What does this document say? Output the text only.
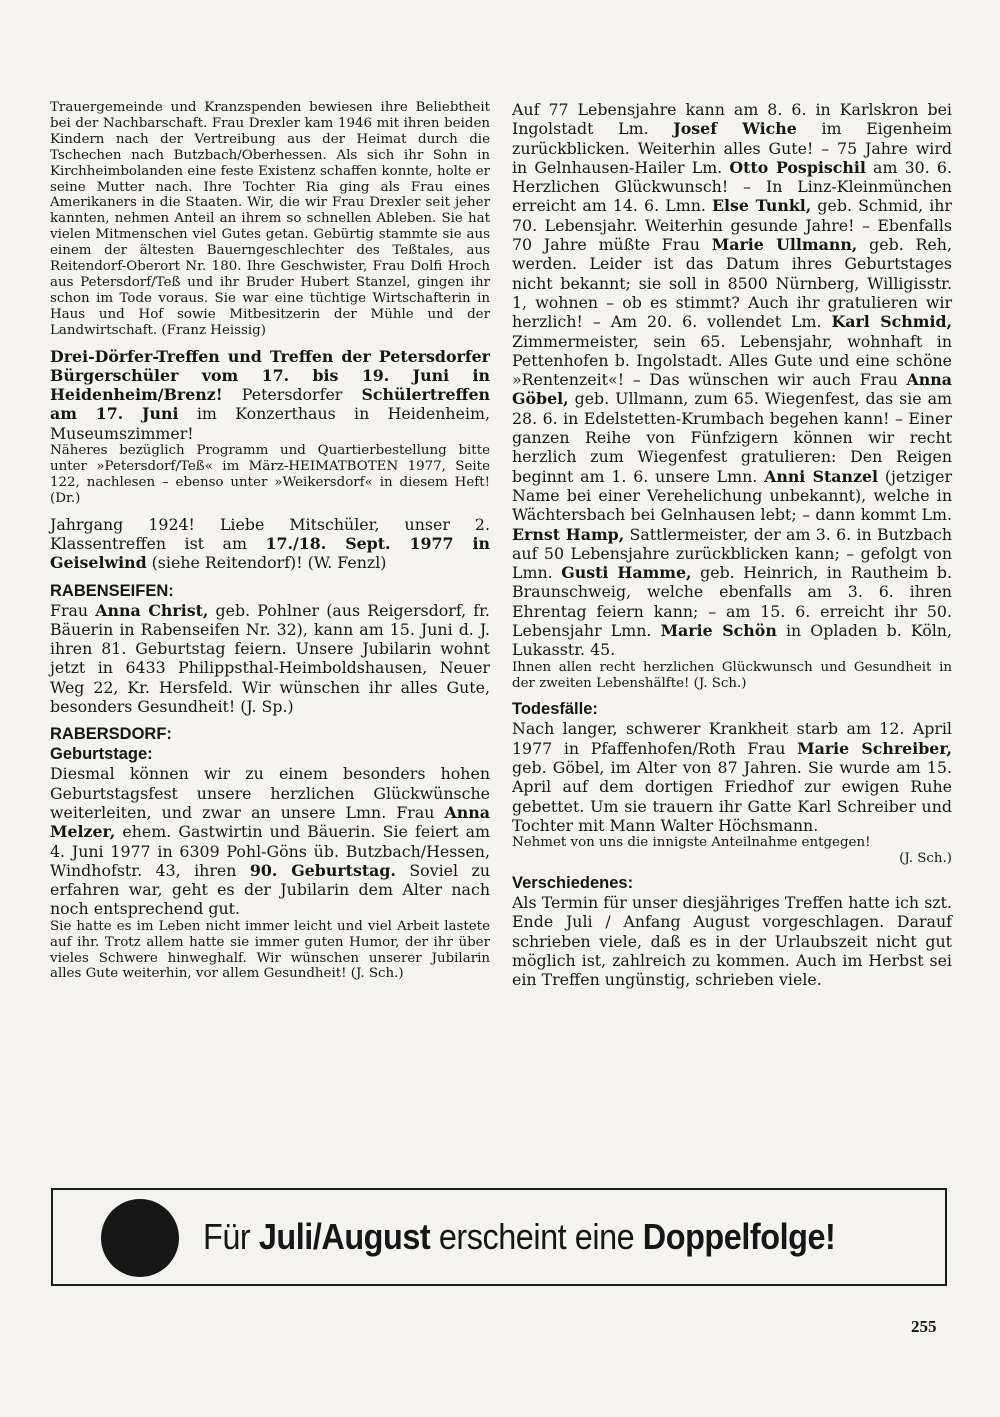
Trauergemeinde und Kranzspenden bewiesen ihre Beliebtheit bei der Nachbarschaft. Frau Drexler kam 1946 mit ihren beiden Kindern nach der Vertreibung aus der Heimat durch die Tschechen nach Butzbach/Oberhessen. Als sich ihr Sohn in Kirchheimbolanden eine feste Existenz schaffen konnte, holte er seine Mutter nach. Ihre Tochter Ria ging als Frau eines Amerikaners in die Staaten. Wir, die wir Frau Drexler seit jeher kannten, nehmen Anteil an ihrem so schnellen Ableben. Sie hat vielen Mitmenschen viel Gutes getan. Gebürtig stammte sie aus einem der ältesten Bauerngeschlechter des Teßtales, aus Reitendorf-Oberort Nr. 180. Ihre Geschwister, Frau Dolfi Hroch aus Petersdorf/Teß und ihr Bruder Hubert Stanzel, gingen ihr schon im Tode voraus. Sie war eine tüchtige Wirtschafterin in Haus und Hof sowie Mitbesitzerin der Mühle und der Landwirtschaft. (Franz Heissig)

Drei-Dörfer-Treffen und Treffen der Petersdorfer Bürgerschüler vom 17. bis 19. Juni in Heidenheim/Brenz! Petersdorfer Schülertreffen am 17. Juni im Konzerthaus in Heidenheim, Museumszimmer!

Näheres bezüglich Programm und Quartierbestellung bitte unter »Petersdorf/Teß« im März-HEIMATBOTEN 1977, Seite 122, nachlesen – ebenso unter »Weikersdorf« in diesem Heft! (Dr.)

Jahrgang 1924! Liebe Mitschüler, unser 2. Klassentreffen ist am 17./18. Sept. 1977 in Geiselwind (siehe Reitendorf)! (W. Fenzl)

RABENSEIFEN:

Frau Anna Christ, geb. Pohlner (aus Reigersdorf, fr. Bäuerin in Rabenseifen Nr. 32), kann am 15. Juni d. J. ihren 81. Geburtstag feiern. Unsere Jubilarin wohnt jetzt in 6433 Philippsthal-Heimboldshausen, Neuer Weg 22, Kr. Hersfeld. Wir wünschen ihr alles Gute, besonders Gesundheit! (J. Sp.)

RABERSDORF:
Geburtstage:

Diesmal können wir zu einem besonders hohen Geburtstagsfest unsere herzlichen Glückwünsche weiterleiten, und zwar an unsere Lmn. Frau Anna Melzer, ehem. Gastwirtin und Bäuerin. Sie feiert am 4. Juni 1977 in 6309 Pohl-Göns üb. Butzbach/Hessen, Windhofstr. 43, ihren 90. Geburtstag. Soviel zu erfahren war, geht es der Jubilarin dem Alter nach noch entsprechend gut.

Sie hatte es im Leben nicht immer leicht und viel Arbeit lastete auf ihr. Trotz allem hatte sie immer guten Humor, der ihr über vieles Schwere hinweghalf. Wir wünschen unserer Jubilarin alles Gute weiterhin, vor allem Gesundheit! (J. Sch.)

Auf 77 Lebensjahre kann am 8. 6. in Karlskron bei Ingolstadt Lm. Josef Wiche im Eigenheim zurückblicken. Weiterhin alles Gute! – 75 Jahre wird in Gelnhausen-Hailer Lm. Otto Pospischil am 30. 6. Herzlichen Glückwunsch! – In Linz-Kleinmünchen erreicht am 14. 6. Lmn. Else Tunkl, geb. Schmid, ihr 70. Lebensjahr. Weiterhin gesunde Jahre! – Ebenfalls 70 Jahre müßte Frau Marie Ullmann, geb. Reh, werden. Leider ist das Datum ihres Geburtstages nicht bekannt; sie soll in 8500 Nürnberg, Willigisstr. 1, wohnen – ob es stimmt? Auch ihr gratulieren wir herzlich! – Am 20. 6. vollendet Lm. Karl Schmid, Zimmermeister, sein 65. Lebensjahr, wohnhaft in Pettenhofen b. Ingolstadt. Alles Gute und eine schöne »Rentenzeit«! – Das wünschen wir auch Frau Anna Göbel, geb. Ullmann, zum 65. Wiegenfest, das sie am 28. 6. in Edelstetten-Krumbach begehen kann! – Einer ganzen Reihe von Fünfzigern können wir recht herzlich zum Wiegenfest gratulieren: Den Reigen beginnt am 1. 6. unsere Lmn. Anni Stanzel (jetziger Name bei einer Verehelichung unbekannt), welche in Wächtersbach bei Gelnhausen lebt; – dann kommt Lm. Ernst Hamp, Sattlermeister, der am 3. 6. in Butzbach auf 50 Lebensjahre zurückblicken kann; – gefolgt von Lmn. Gusti Hamme, geb. Heinrich, in Rautheim b. Braunschweig, welche ebenfalls am 3. 6. ihren Ehrentag feiern kann; – am 15. 6. erreicht ihr 50. Lebensjahr Lmn. Marie Schön in Opladen b. Köln, Lukasstr. 45.

Ihnen allen recht herzlichen Glückwunsch und Gesundheit in der zweiten Lebenshälfte! (J. Sch.)

Todesfälle:

Nach langer, schwerer Krankheit starb am 12. April 1977 in Pfaffenhofen/Roth Frau Marie Schreiber, geb. Göbel, im Alter von 87 Jahren. Sie wurde am 15. April auf dem dortigen Friedhof zur ewigen Ruhe gebettet. Um sie trauern ihr Gatte Karl Schreiber und Tochter mit Mann Walter Höchsmann.

Nehmet von uns die innigste Anteilnahme entgegen!

(J. Sch.)

Verschiedenes:

Als Termin für unser diesjähriges Treffen hatte ich szt. Ende Juli / Anfang August vorgeschlagen. Darauf schrieben viele, daß es in der Urlaubszeit nicht gut möglich ist, zahlreich zu kommen. Auch im Herbst sei ein Treffen ungünstig, schrieben viele.

Für Juli/August erscheint eine Doppelfolge!
255
